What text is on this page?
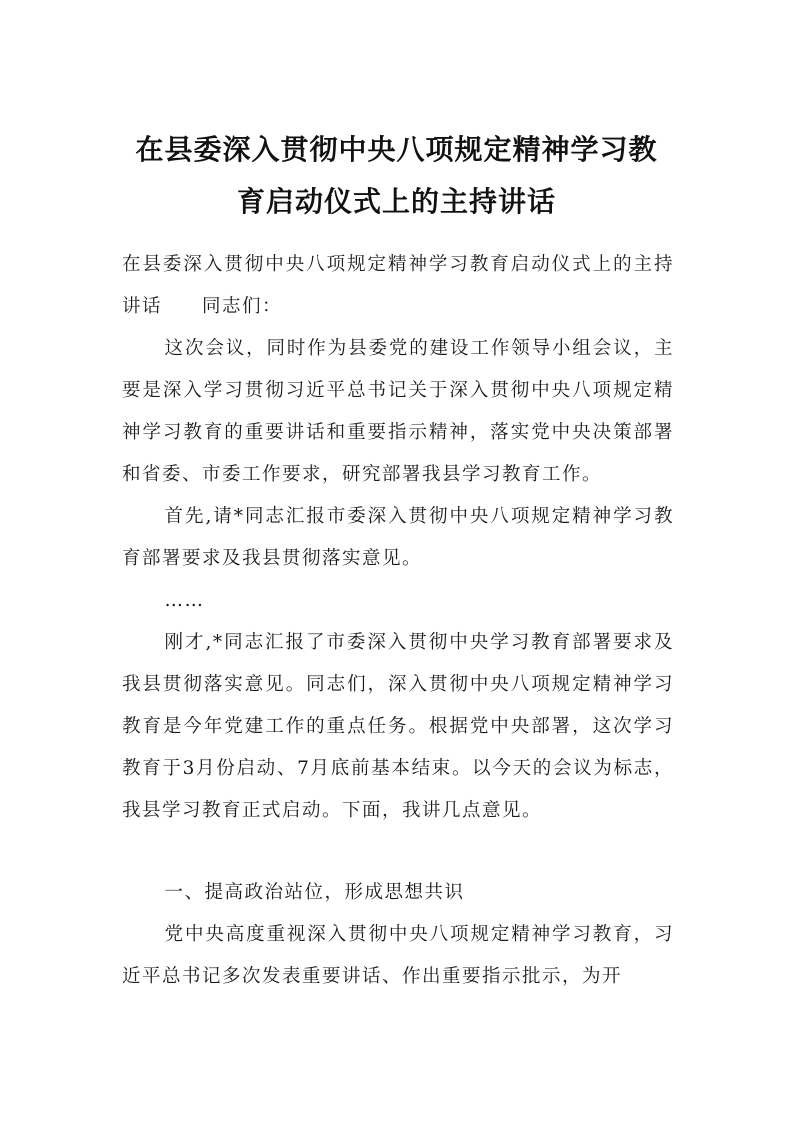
在县委深入贯彻中央八项规定精神学习教
育启动仪式上的主持讲话

在县委深入贯彻中央八项规定精神学习教育启动仪式上的主持讲话　　同志们：

这次会议，同时作为县委党的建设工作领导小组会议，主要是深入学习贯彻习近平总书记关于深入贯彻中央八项规定精神学习教育的重要讲话和重要指示精神，落实党中央决策部署和省委、市委工作要求，研究部署我县学习教育工作。

首先,请*同志汇报市委深入贯彻中央八项规定精神学习教育部署要求及我县贯彻落实意见。

……

刚才,*同志汇报了市委深入贯彻中央学习教育部署要求及我县贯彻落实意见。同志们，深入贯彻中央八项规定精神学习教育是今年党建工作的重点任务。根据党中央部署，这次学习教育于3月份启动、7月底前基本结束。以今天的会议为标志，我县学习教育正式启动。下面，我讲几点意见。

一、提高政治站位，形成思想共识

党中央高度重视深入贯彻中央八项规定精神学习教育，习近平总书记多次发表重要讲话、作出重要指示批示，为开
